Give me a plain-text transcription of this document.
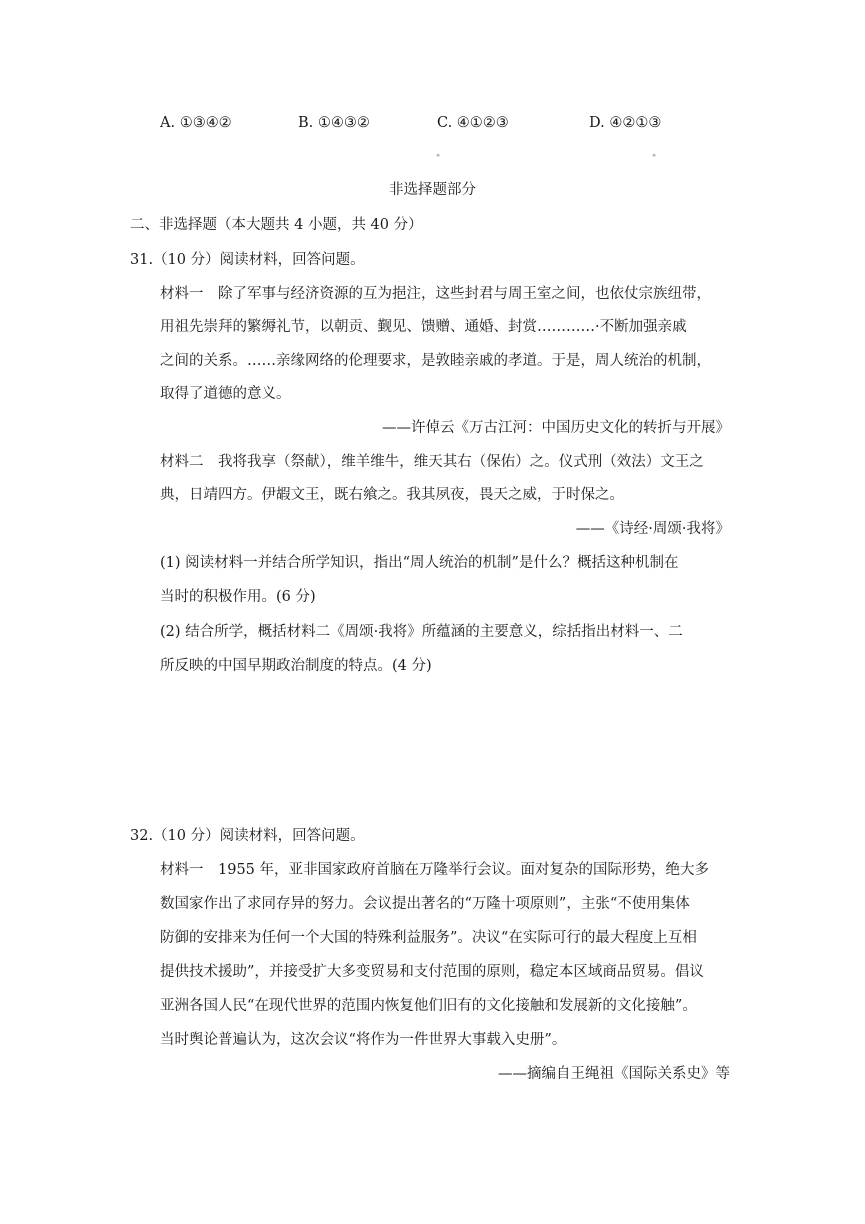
A. ①③④②	B. ①④③②	C. ④①②③	D. ④②①③
"	"
非选择题部分
二、非选择题（本大题共 4 小题，共 40 分）
31.（10 分）阅读材料，回答问题。
材料一　除了军事与经济资源的互为挹注，这些封君与周王室之间，也依仗宗族纽带，
用祖先崇拜的繁缛礼节，以朝贡、觐见、馈赠、通婚、封赏…………·不断加强亲戚
之间的关系。……亲缘网络的伦理要求，是敦睦亲戚的孝道。于是，周人统治的机制，
取得了道德的意义。
——许倬云《万古江河：中国历史文化的转折与开展》
材料二　我将我享（祭献），维羊维牛，维天其右（保佑）之。仪式刑（效法）文王之
典，日靖四方。伊嘏文王，既右飨之。我其夙夜，畏天之威，于时保之。
——《诗经·周颂·我将》
(1) 阅读材料一并结合所学知识，指出“周人统治的机制”是什么？概括这种机制在
当时的积极作用。(6 分)
(2) 结合所学，概括材料二《周颂·我将》所蕴涵的主要意义，综括指出材料一、二
所反映的中国早期政治制度的特点。(4 分)
32.（10 分）阅读材料，回答问题。
材料一　1955 年，亚非国家政府首脑在万隆举行会议。面对复杂的国际形势，绝大多
数国家作出了求同存异的努力。会议提出著名的“万隆十项原则”，主张“不使用集体
防御的安排来为任何一个大国的特殊利益服务”。决议“在实际可行的最大程度上互相
提供技术援助”，并接受扩大多变贸易和支付范围的原则，稳定本区域商品贸易。倡议
亚洲各国人民“在现代世界的范围内恢复他们旧有的文化接触和发展新的文化接触”。
当时舆论普遍认为，这次会议“将作为一件世界大事载入史册”。
——摘编自王绳祖《国际关系史》等
